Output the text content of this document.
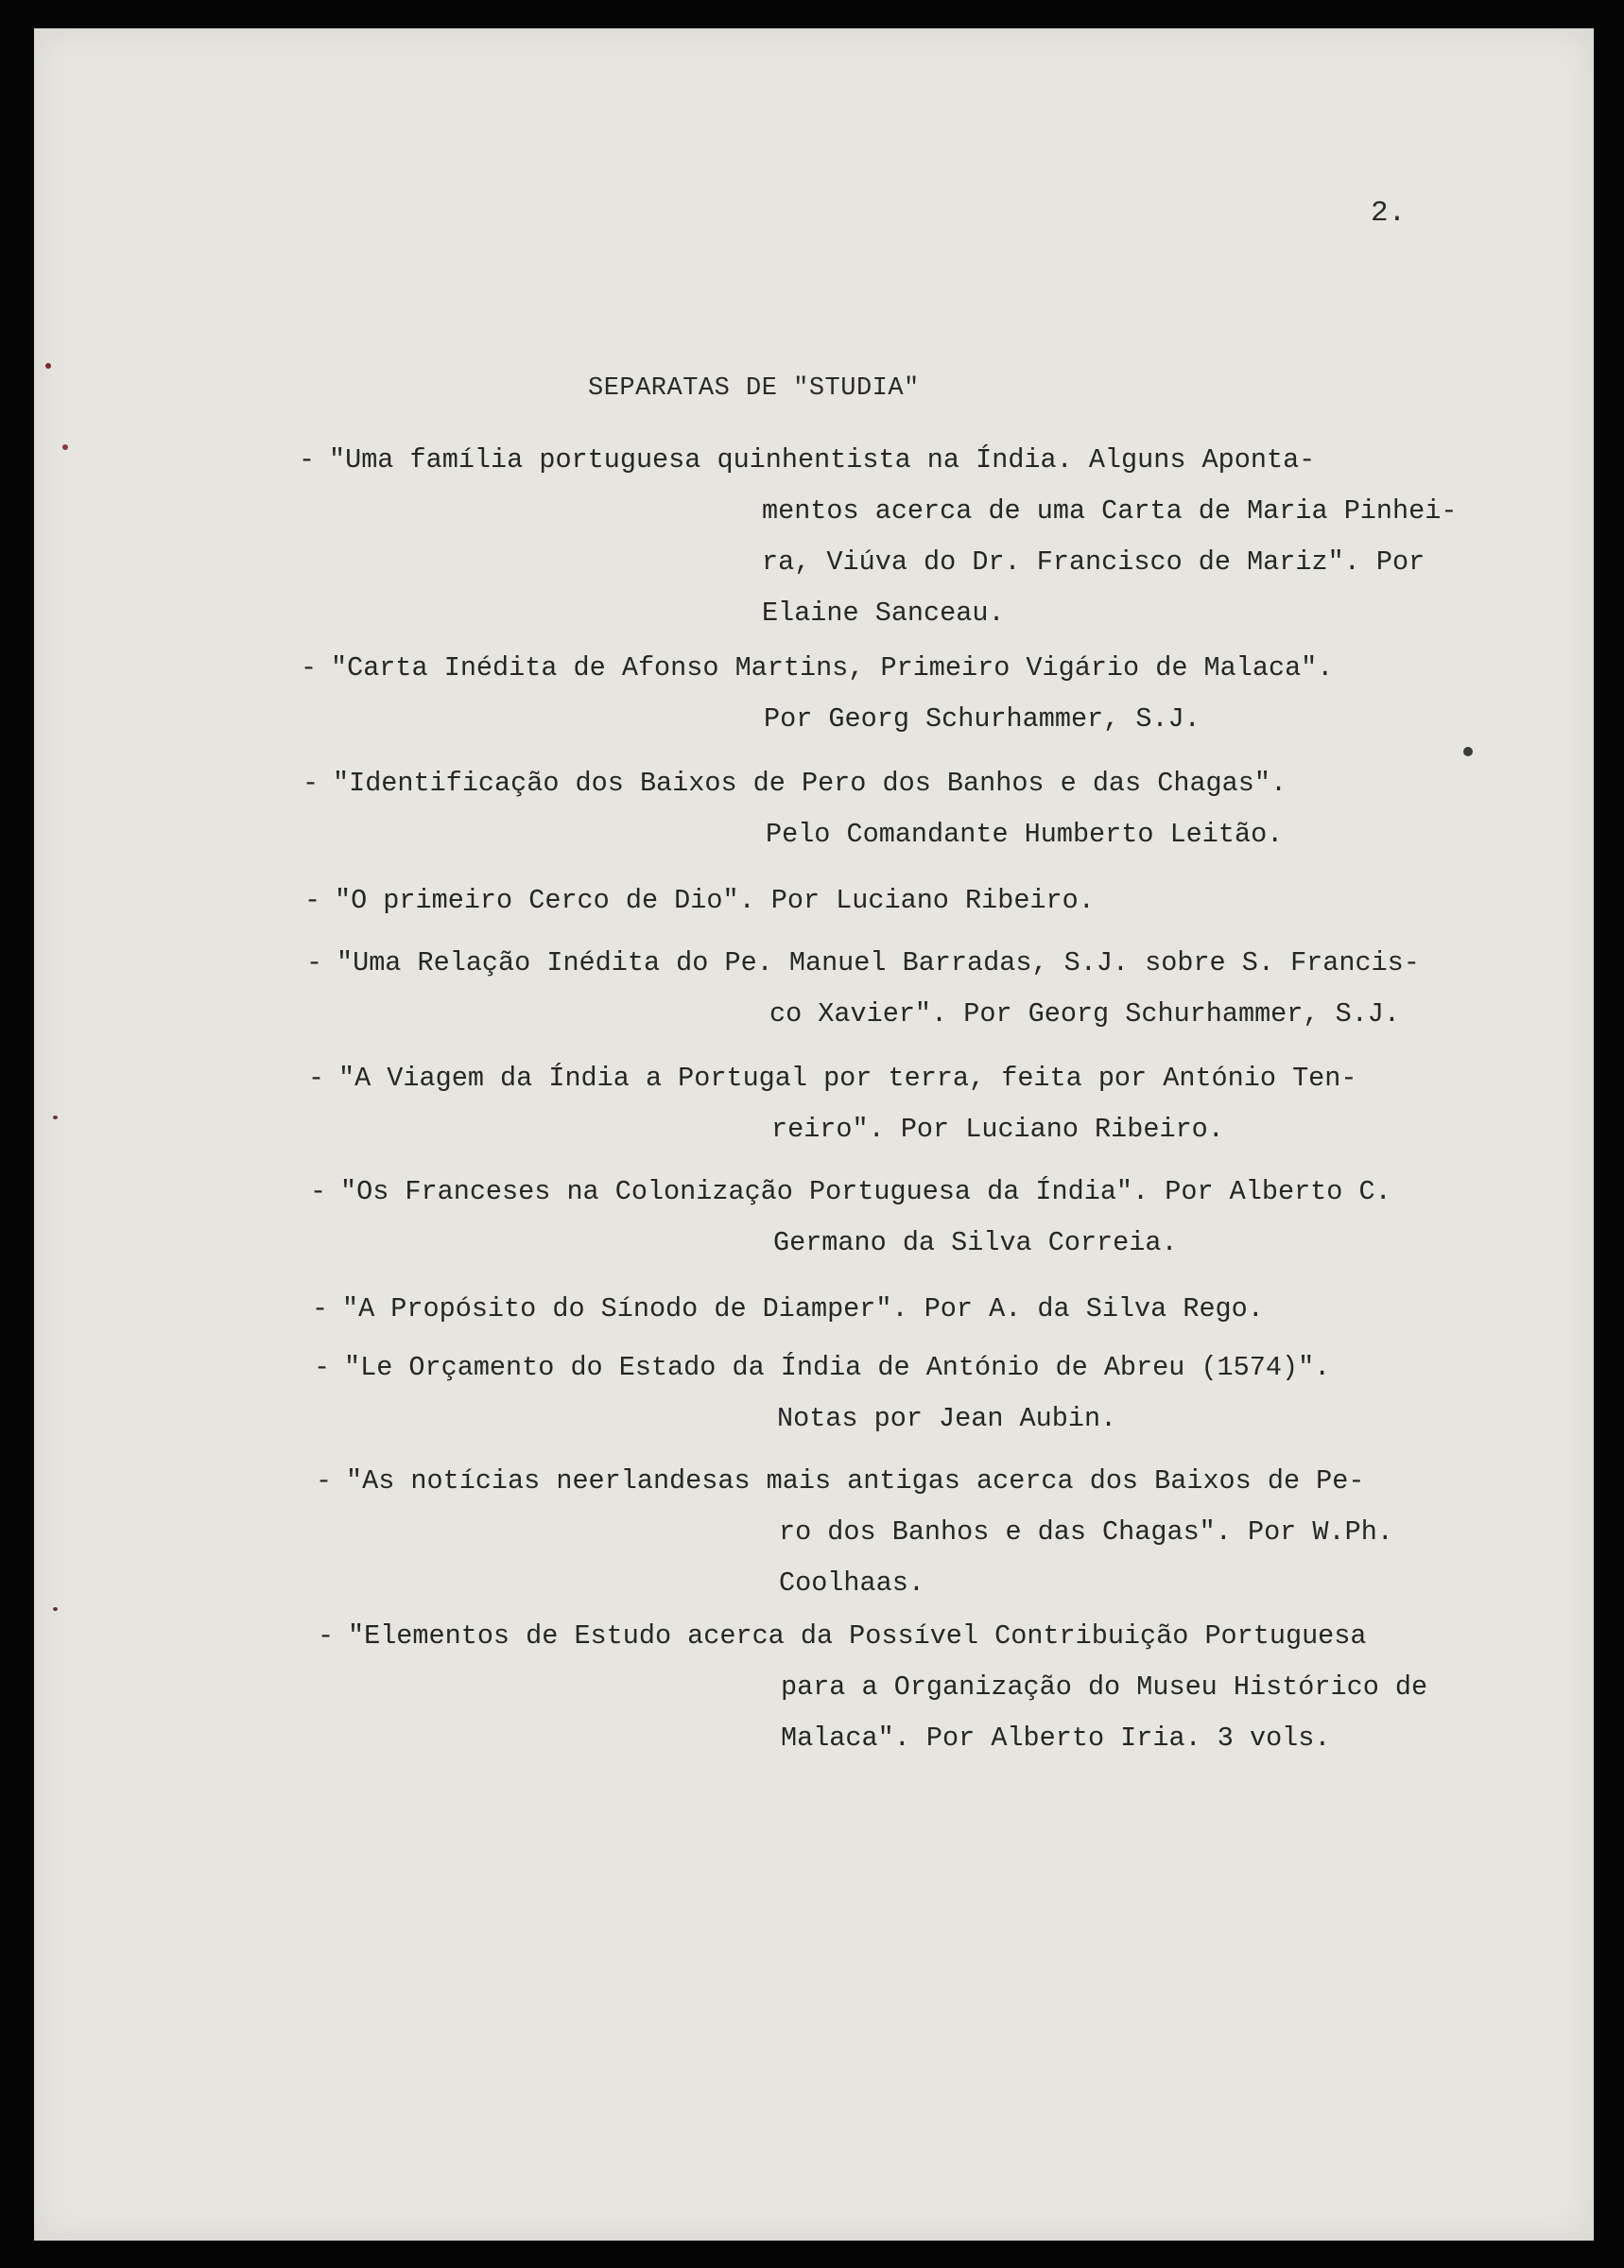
2.
SEPARATAS DE "STUDIA"
- "Uma família portuguesa quinhentista na Índia. Alguns Aponta-
mentos acerca de uma Carta de Maria Pinhei-
ra, Viúva do Dr. Francisco de Mariz". Por
Elaine Sanceau.
- "Carta Inédita de Afonso Martins, Primeiro Vigário de Malaca".
Por Georg Schurhammer, S.J.
- "Identificação dos Baixos de Pero dos Banhos e das Chagas".
Pelo Comandante Humberto Leitão.
- "O primeiro Cerco de Dio". Por Luciano Ribeiro.
- "Uma Relação Inédita do Pe. Manuel Barradas, S.J. sobre S. Francis-
co Xavier". Por Georg Schurhammer, S.J.
- "A Viagem da Índia a Portugal por terra, feita por António Ten-
reiro". Por Luciano Ribeiro.
- "Os Franceses na Colonização Portuguesa da Índia". Por Alberto C.
Germano da Silva Correia.
- "A Propósito do Sínodo de Diamper". Por A. da Silva Rego.
- "Le Orçamento do Estado da Índia de António de Abreu (1574)".
Notas por Jean Aubin.
- "As notícias neerlandesas mais antigas acerca dos Baixos de Pe-
ro dos Banhos e das Chagas". Por W.Ph.
Coolhaas.
- "Elementos de Estudo acerca da Possível Contribuição Portuguesa
para a Organização do Museu Histórico de
Malaca". Por Alberto Iria. 3 vols.
